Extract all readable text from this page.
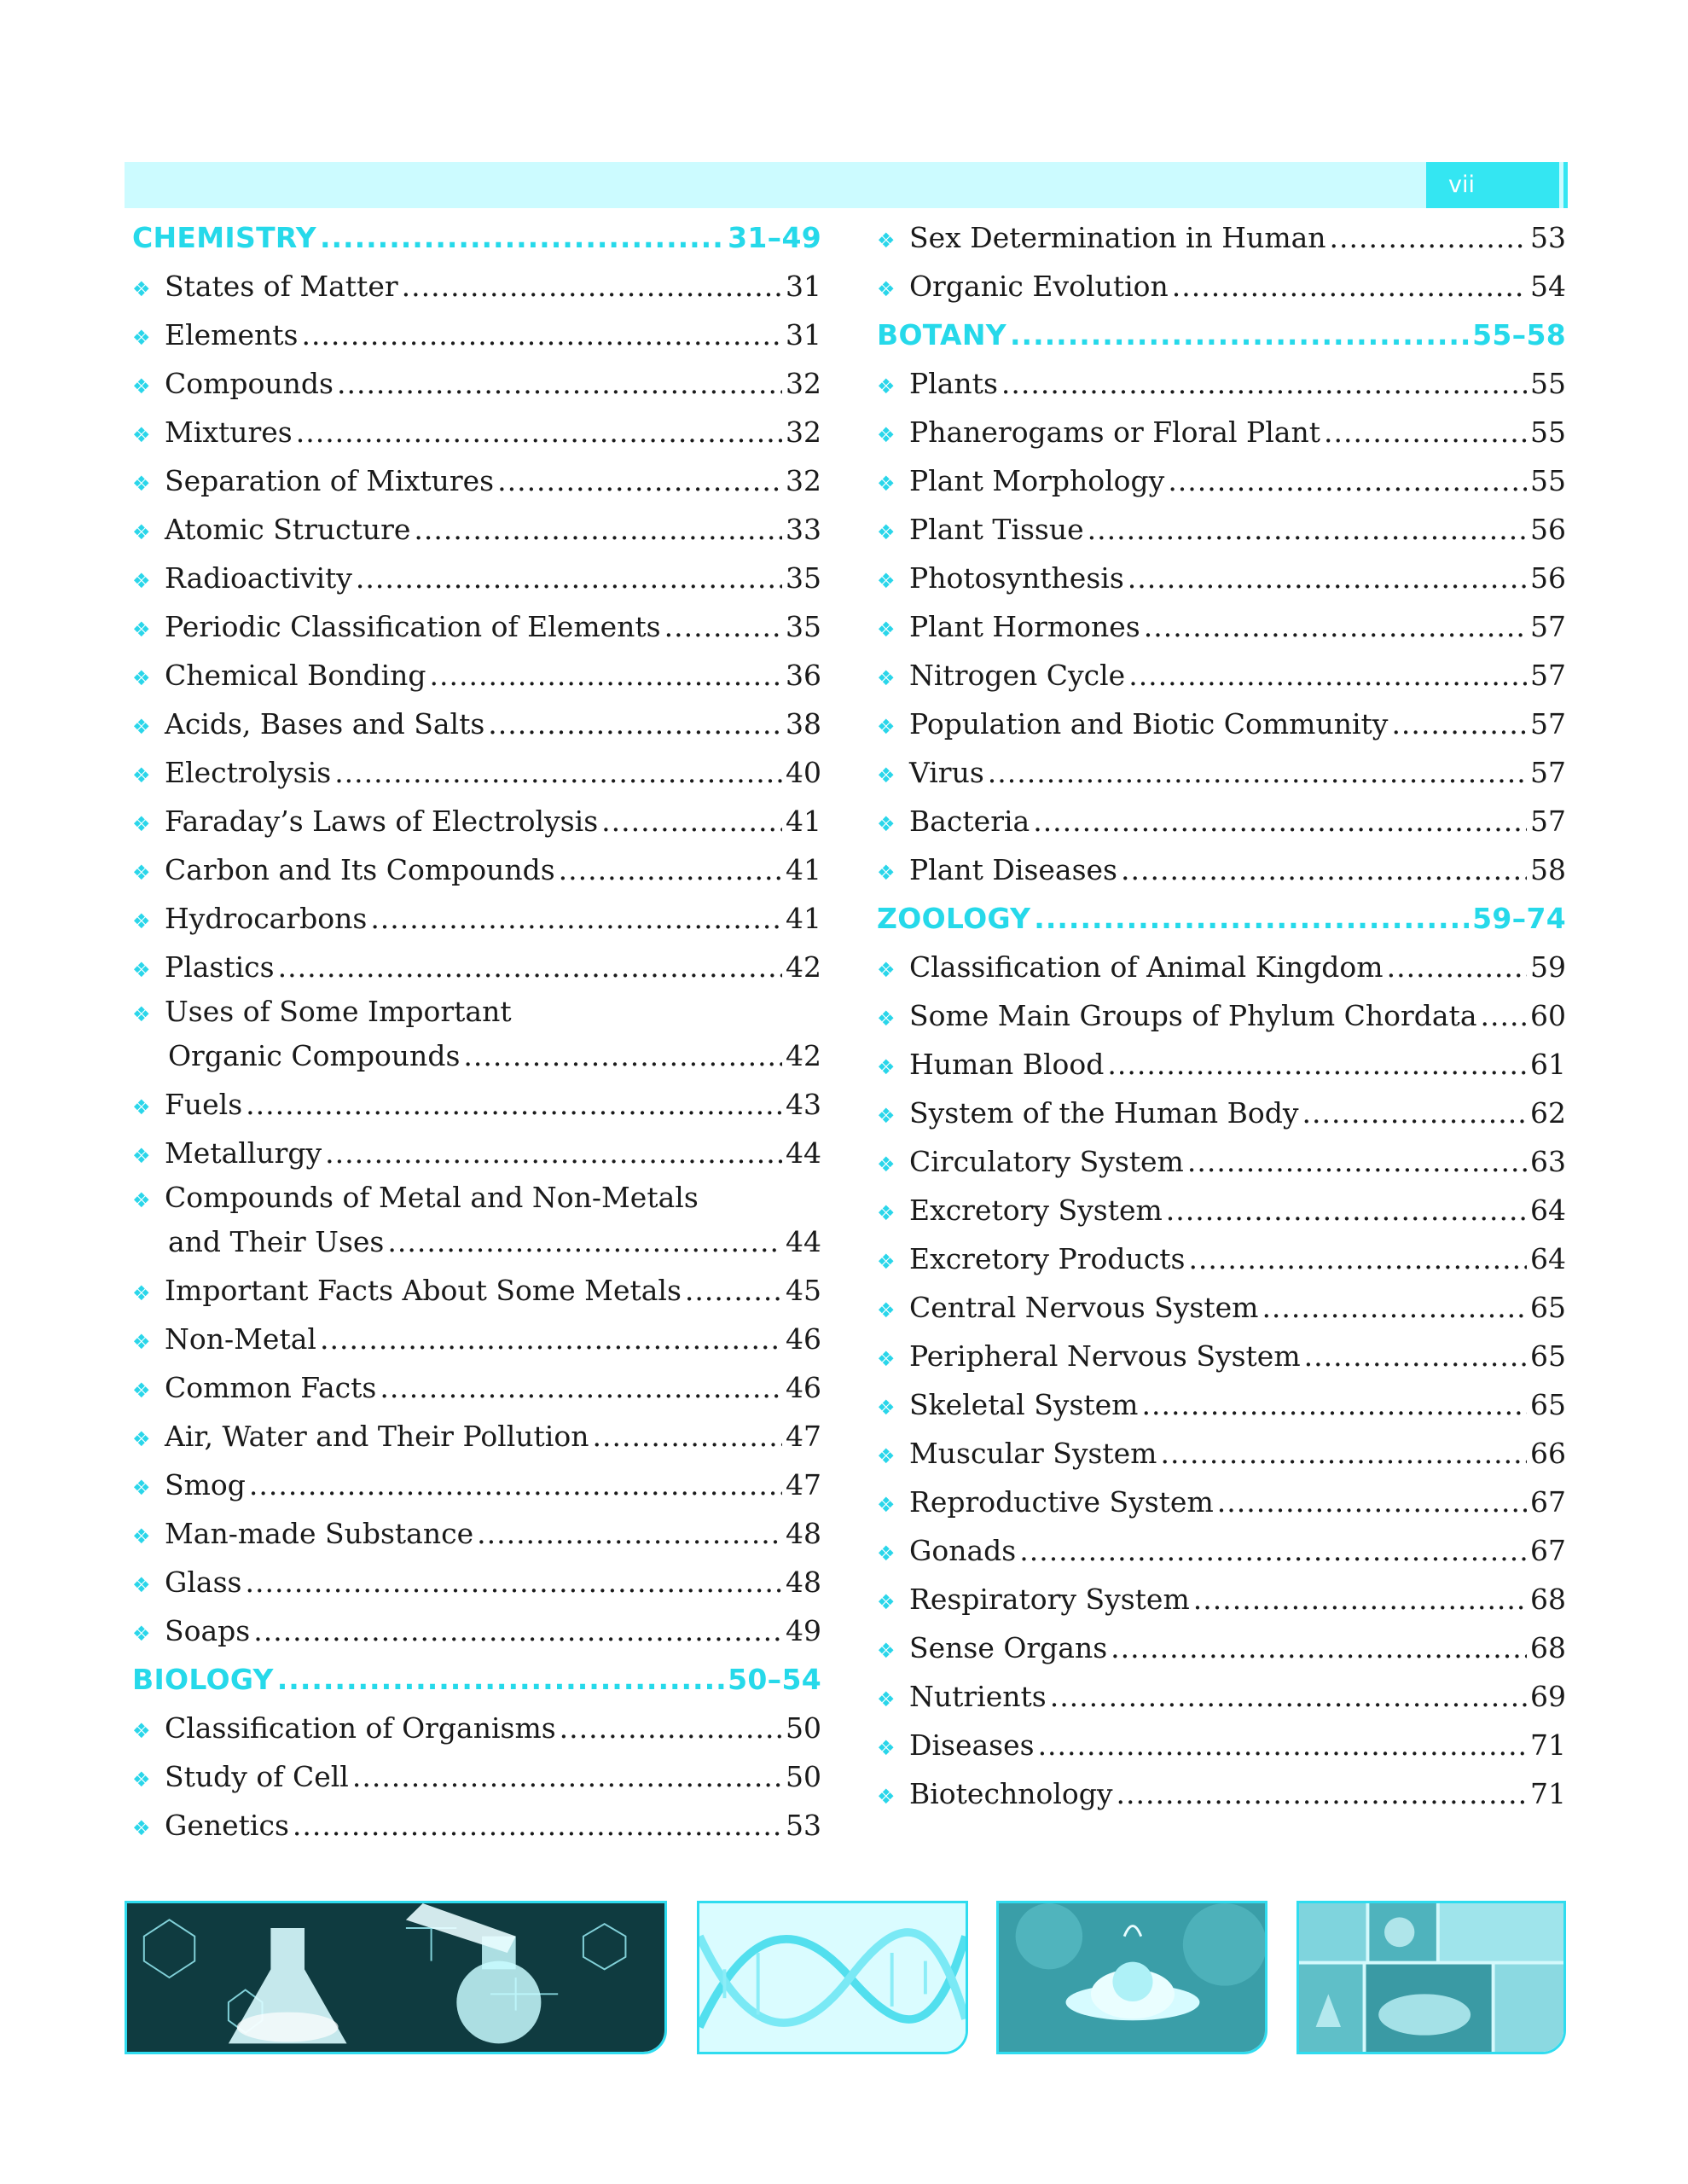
vii
CHEMISTRY .....	31–49
❖ States of Matter .....	31
❖ Elements .....	31
❖ Compounds .....	32
❖ Mixtures .....	32
❖ Separation of Mixtures .....	32
❖ Atomic Structure .....	33
❖ Radioactivity .....	35
❖ Periodic Classification of Elements .....	35
❖ Chemical Bonding .....	36
❖ Acids, Bases and Salts .....	38
❖ Electrolysis .....	40
❖ Faraday’s Laws of Electrolysis .....	41
❖ Carbon and Its Compounds .....	41
❖ Hydrocarbons .....	41
❖ Plastics .....	42
❖ Uses of Some Important
Organic Compounds .....	42
❖ Fuels .....	43
❖ Metallurgy .....	44
❖ Compounds of Metal and Non-Metals
and Their Uses .....	44
❖ Important Facts About Some Metals .....	45
❖ Non-Metal .....	46
❖ Common Facts .....	46
❖ Air, Water and Their Pollution .....	47
❖ Smog .....	47
❖ Man-made Substance .....	48
❖ Glass .....	48
❖ Soaps .....	49
BIOLOGY .....	50–54
❖ Classification of Organisms .....	50
❖ Study of Cell .....	50
❖ Genetics .....	53
❖ Sex Determination in Human .....	53
❖ Organic Evolution .....	54
BOTANY .....	55–58
❖ Plants .....	55
❖ Phanerogams or Floral Plant .....	55
❖ Plant Morphology .....	55
❖ Plant Tissue .....	56
❖ Photosynthesis .....	56
❖ Plant Hormones .....	57
❖ Nitrogen Cycle .....	57
❖ Population and Biotic Community .....	57
❖ Virus .....	57
❖ Bacteria .....	57
❖ Plant Diseases .....	58
ZOOLOGY .....	59–74
❖ Classification of Animal Kingdom .....	59
❖ Some Main Groups of Phylum Chordata ..... 60
❖ Human Blood .....	61
❖ System of the Human Body .....	62
❖ Circulatory System .....	63
❖ Excretory System .....	64
❖ Excretory Products .....	64
❖ Central Nervous System .....	65
❖ Peripheral Nervous System .....	65
❖ Skeletal System .....	65
❖ Muscular System .....	66
❖ Reproductive System .....	67
❖ Gonads .....	67
❖ Respiratory System .....	68
❖ Sense Organs .....	68
❖ Nutrients .....	69
❖ Diseases .....	71
❖ Biotechnology .....	71
